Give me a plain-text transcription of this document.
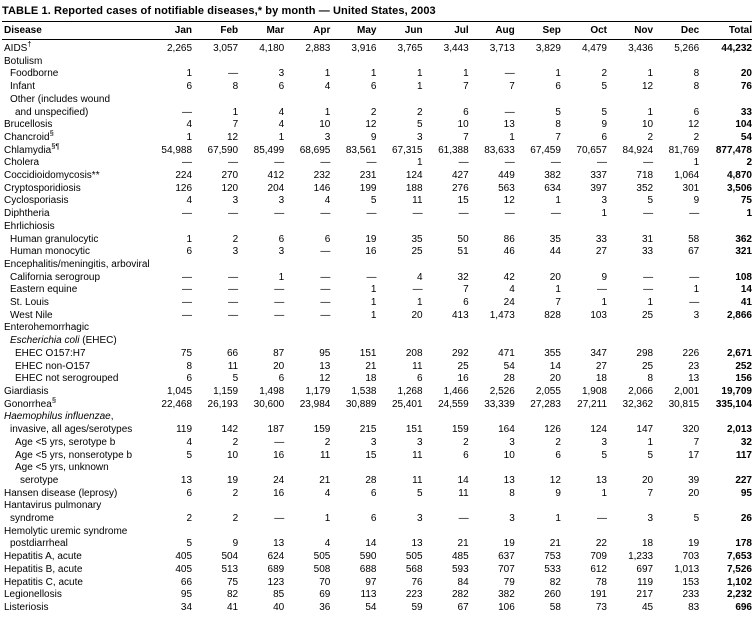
TABLE 1. Reported cases of notifiable diseases,* by month — United States, 2003
Disease	Jan	Feb	Mar	Apr	May	Jun	Jul	Aug	Sep	Oct	Nov	Dec	Total

AIDS†	2,265	3,057	4,180	2,883	3,916	3,765	3,443	3,713	3,829	4,479	3,436	5,266	44,232

Botulism													

Foodborne	1	—	3	1	1	1	1	—	1	2	1	8	20

Infant	6	8	6	4	6	1	7	7	6	5	12	8	76

Other (includes wound
and unspecified)	—	1	4	1	2	2	6	—	5	5	1	6	33

Brucellosis	4	7	4	10	12	5	10	13	8	9	10	12	104

Chancroid§	1	12	1	3	9	3	7	1	7	6	2	2	54

Chlamydia§¶	54,988	67,590	85,499	68,695	83,561	67,315	61,388	83,633	67,459	70,657	84,924	81,769	877,478

Cholera	—	—	—	—	—	1	—	—	—	—	—	1	2

Coccidioidomycosis**	224	270	412	232	231	124	427	449	382	337	718	1,064	4,870

Cryptosporidiosis	126	120	204	146	199	188	276	563	634	397	352	301	3,506

Cyclosporiasis	4	3	3	4	5	11	15	12	1	3	5	9	75

Diphtheria	—	—	—	—	—	—	—	—	—	1	—	—	1

Ehrlichiosis													

Human granulocytic	1	2	6	6	19	35	50	86	35	33	31	58	362

Human monocytic	6	3	3	—	16	25	51	46	44	27	33	67	321

Encephalitis/meningitis, arboviral													

California serogroup	—	—	1	—	—	4	32	42	20	9	—	—	108

Eastern equine	—	—	—	—	1	—	7	4	1	—	—	1	14

St. Louis	—	—	—	—	1	1	6	24	7	1	1	—	41

West Nile	—	—	—	—	1	20	413	1,473	828	103	25	3	2,866

Enterohemorrhagic													

Escherichia coli (EHEC)													

EHEC O157:H7	75	66	87	95	151	208	292	471	355	347	298	226	2,671

EHEC non-O157	8	11	20	13	21	11	25	54	14	27	25	23	252

EHEC not serogrouped	6	5	6	12	18	6	16	28	20	18	8	13	156

Giardiasis	1,045	1,159	1,498	1,179	1,538	1,268	1,466	2,526	2,055	1,908	2,066	2,001	19,709

Gonorrhea§	22,468	26,193	30,600	23,984	30,889	25,401	24,559	33,339	27,283	27,211	32,362	30,815	335,104

Haemophilus influenzae,
invasive, all ages/serotypes	119	142	187	159	215	151	159	164	126	124	147	320	2,013

Age <5 yrs, serotype b	4	2	—	2	3	3	2	3	2	3	1	7	32

Age <5 yrs, nonserotype b	5	10	16	11	15	11	6	10	6	5	5	17	117

Age <5 yrs, unknown
serotype	13	19	24	21	28	11	14	13	12	13	20	39	227

Hansen disease (leprosy)	6	2	16	4	6	5	11	8	9	1	7	20	95

Hantavirus pulmonary
syndrome	2	2	—	1	6	3	—	3	1	—	3	5	26

Hemolytic uremic syndrome
postdiarrheal	5	9	13	4	14	13	21	19	21	22	18	19	178

Hepatitis A, acute	405	504	624	505	590	505	485	637	753	709	1,233	703	7,653

Hepatitis B, acute	405	513	689	508	688	568	593	707	533	612	697	1,013	7,526

Hepatitis C, acute	66	75	123	70	97	76	84	79	82	78	119	153	1,102

Legionellosis	95	82	85	69	113	223	282	382	260	191	217	233	2,232

Listeriosis	34	41	40	36	54	59	67	106	58	73	45	83	696
